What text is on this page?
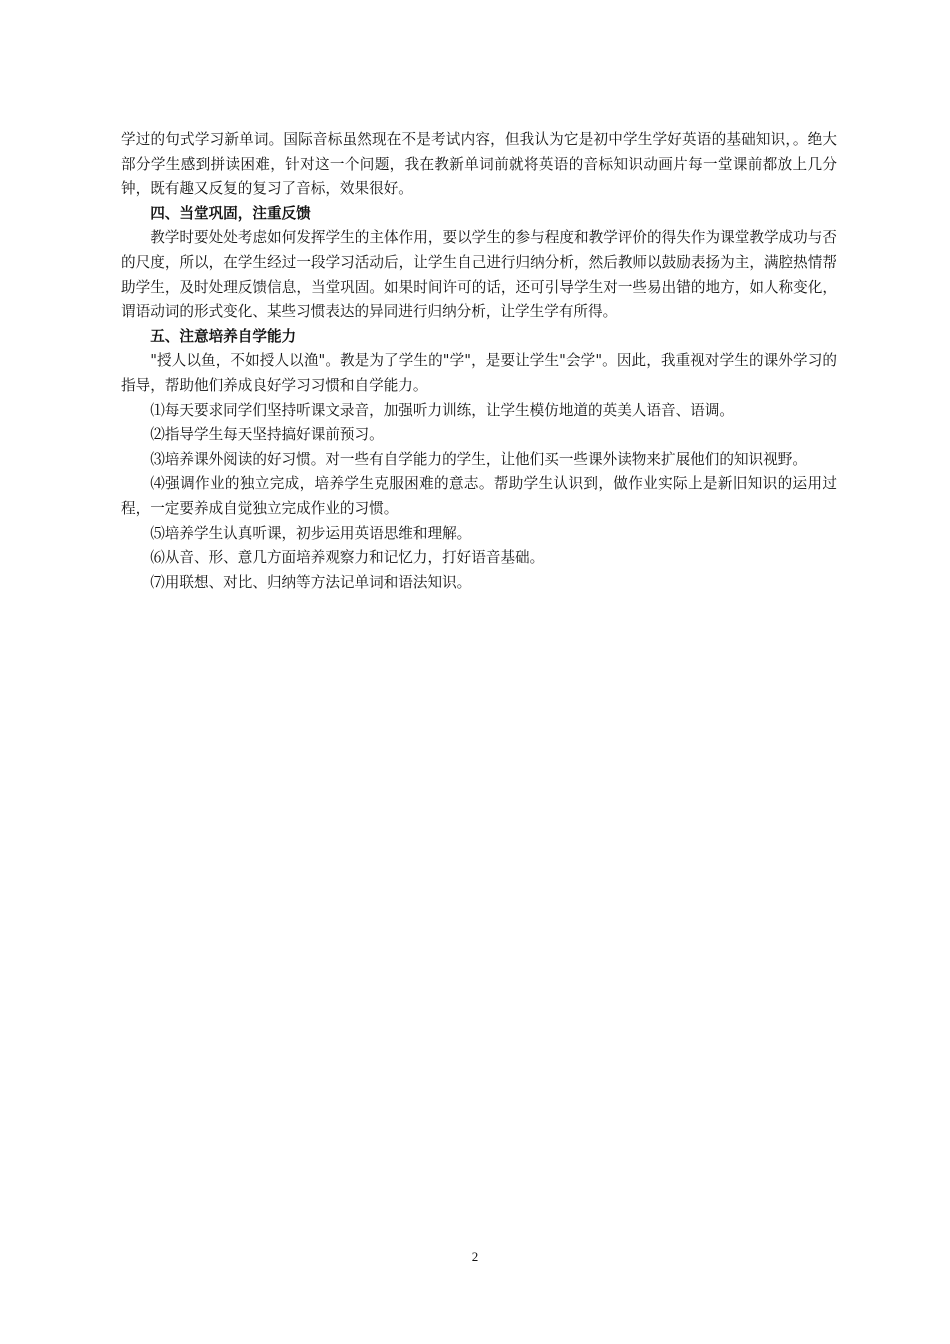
学过的句式学习新单词。国际音标虽然现在不是考试内容，但我认为它是初中学生学好英语的基础知识，。绝大部分学生感到拼读困难，针对这一个问题，我在教新单词前就将英语的音标知识动画片每一堂课前都放上几分钟，既有趣又反复的复习了音标，效果很好。

四、当堂巩固，注重反馈

教学时要处处考虑如何发挥学生的主体作用，要以学生的参与程度和教学评价的得失作为课堂教学成功与否的尺度，所以，在学生经过一段学习活动后，让学生自己进行归纳分析，然后教师以鼓励表扬为主，满腔热情帮助学生，及时处理反馈信息，当堂巩固。如果时间许可的话，还可引导学生对一些易出错的地方，如人称变化，谓语动词的形式变化、某些习惯表达的异同进行归纳分析，让学生学有所得。

五、注意培养自学能力

"授人以鱼，不如授人以渔"。教是为了学生的"学"，是要让学生"会学"。因此，我重视对学生的课外学习的指导，帮助他们养成良好学习习惯和自学能力。

⑴每天要求同学们坚持听课文录音，加强听力训练，让学生模仿地道的英美人语音、语调。

⑵指导学生每天坚持搞好课前预习。

⑶培养课外阅读的好习惯。对一些有自学能力的学生，让他们买一些课外读物来扩展他们的知识视野。

⑷强调作业的独立完成，培养学生克服困难的意志。帮助学生认识到，做作业实际上是新旧知识的运用过程，一定要养成自觉独立完成作业的习惯。

⑸培养学生认真听课，初步运用英语思维和理解。

⑹从音、形、意几方面培养观察力和记忆力，打好语音基础。

⑺用联想、对比、归纳等方法记单词和语法知识。

2
